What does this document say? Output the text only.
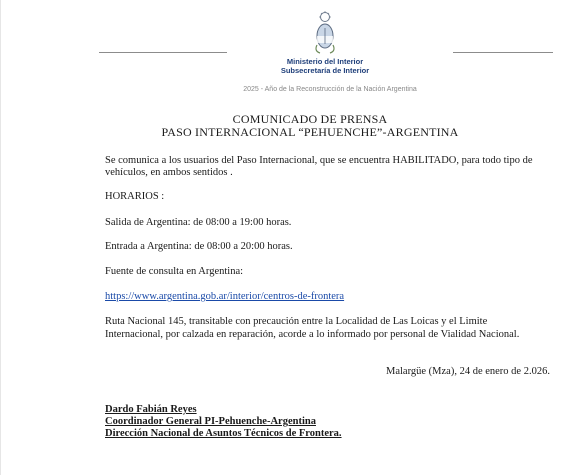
Ministerio del Interior
Subsecretaría de Interior
2025 - Año de la Reconstrucción de la Nación Argentina
COMUNICADO DE PRENSA
PASO INTERNACIONAL “PEHUENCHE”-ARGENTINA
Se comunica a los usuarios del Paso Internacional, que se encuentra HABILITADO, para todo tipo de
vehículos, en ambos sentidos .
HORARIOS :
Salida de Argentina: de 08:00 a 19:00 horas.
Entrada a Argentina: de 08:00 a 20:00 horas.
Fuente de consulta en Argentina:
https://www.argentina.gob.ar/interior/centros-de-frontera
Ruta Nacional 145, transitable con precaución entre la Localidad de Las Loicas y el Limite
Internacional, por calzada en reparación, acorde a lo informado por personal de Vialidad Nacional.
Malargüe (Mza), 24 de enero de 2.026.
Dardo Fabián Reyes
Coordinador General PI-Pehuenche-Argentina
Dirección Nacional de Asuntos Técnicos de Frontera.
